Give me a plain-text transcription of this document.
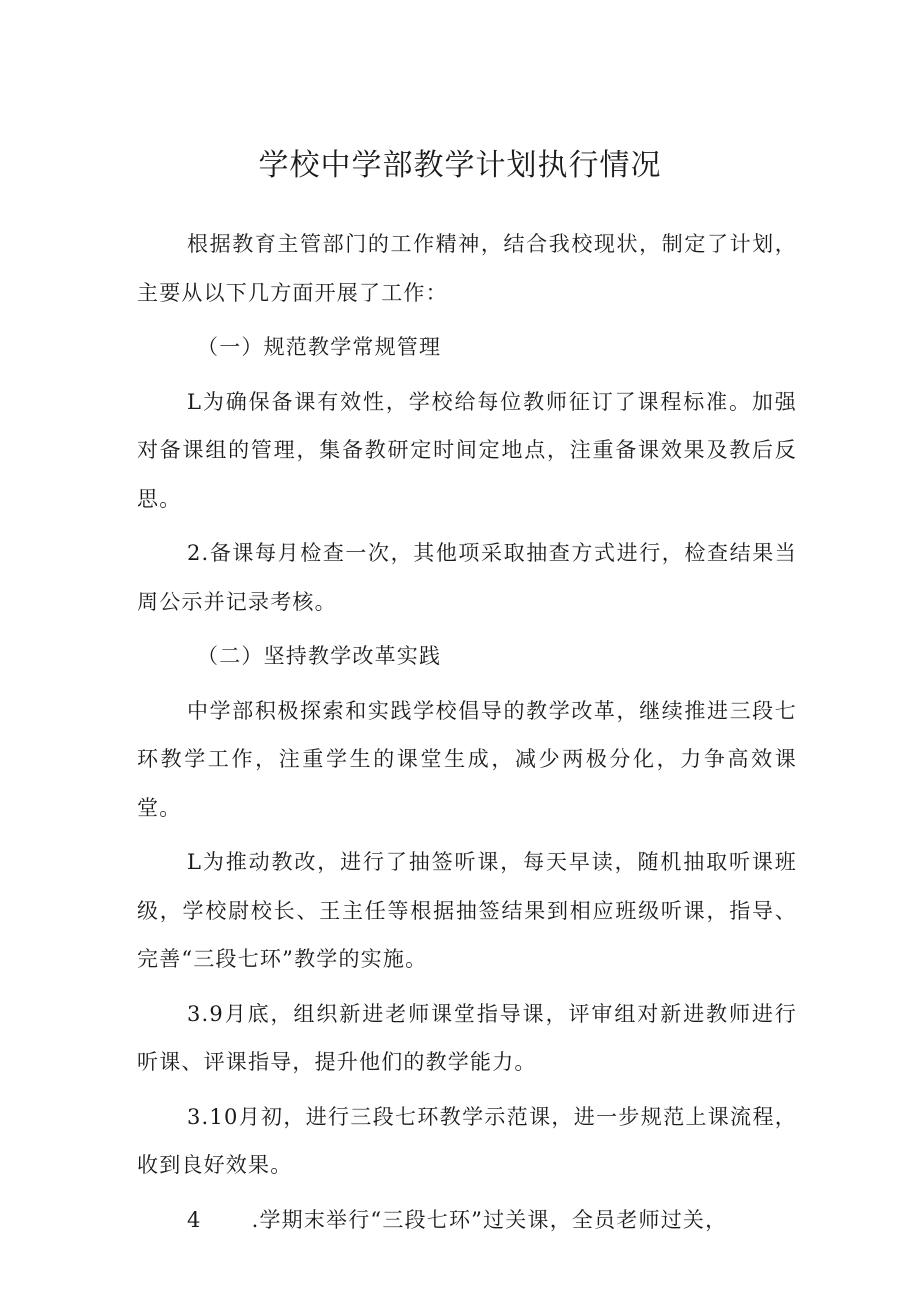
学校中学部教学计划执行情况

根据教育主管部门的工作精神，结合我校现状，制定了计划，主要从以下几方面开展了工作：

（一）规范教学常规管理

L为确保备课有效性，学校给每位教师征订了课程标准。加强对备课组的管理，集备教研定时间定地点，注重备课效果及教后反思。

2.备课每月检查一次，其他项采取抽查方式进行，检查结果当周公示并记录考核。

（二）坚持教学改革实践

中学部积极探索和实践学校倡导的教学改革，继续推进三段七环教学工作，注重学生的课堂生成，减少两极分化，力争高效课堂。

L为推动教改，进行了抽签听课，每天早读，随机抽取听课班级，学校尉校长、王主任等根据抽签结果到相应班级听课，指导、完善“三段七环”教学的实施。

3.9月底，组织新进老师课堂指导课，评审组对新进教师进行听课、评课指导，提升他们的教学能力。

3.10月初，进行三段七环教学示范课，进一步规范上课流程，收到良好效果。

4 .学期末举行“三段七环”过关课，全员老师过关，
